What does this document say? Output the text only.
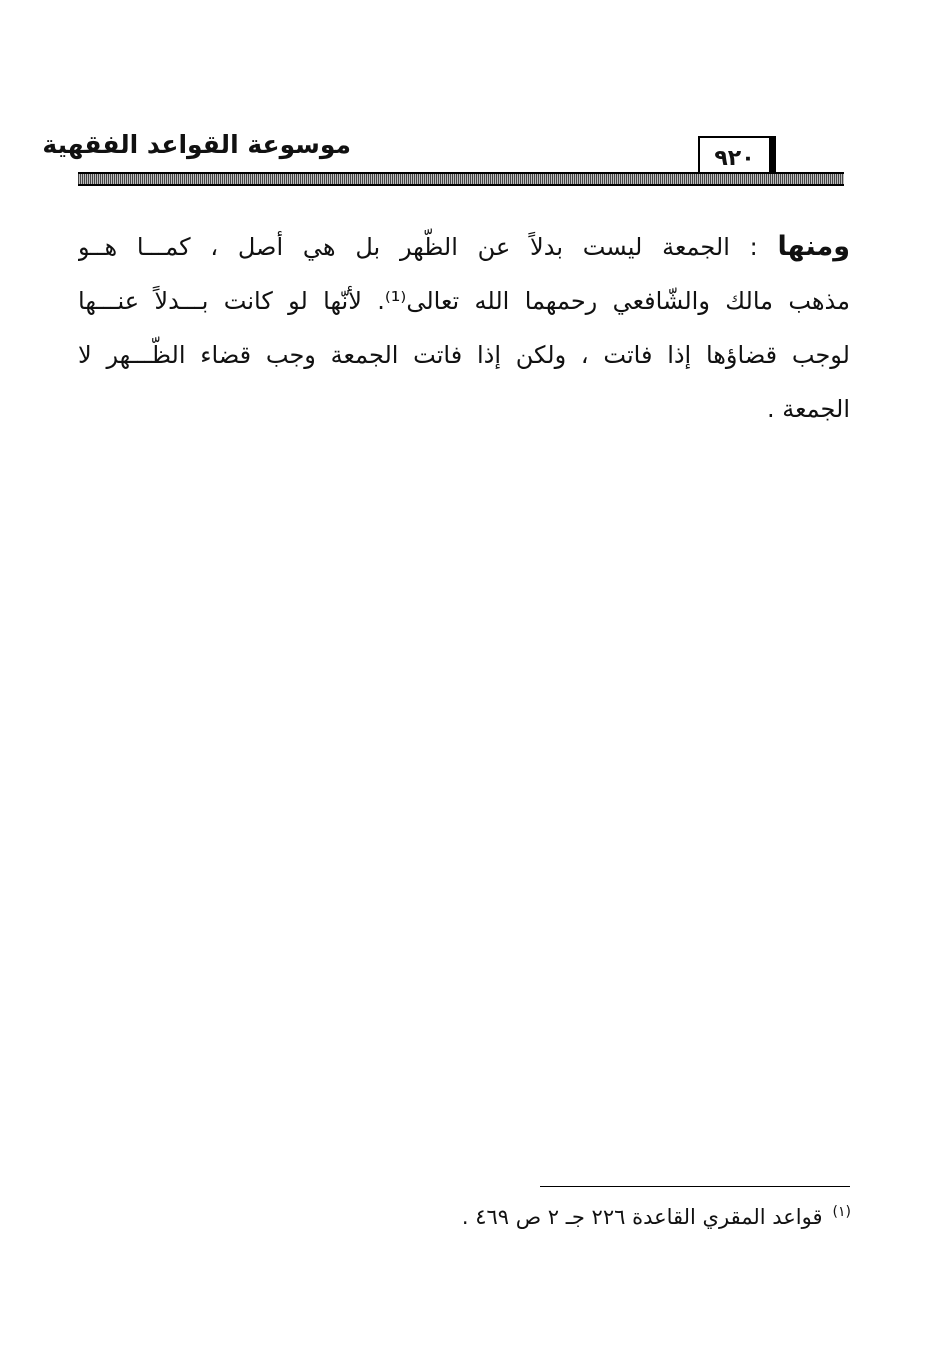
موسوعة القواعد الفقهية	٩٢٠
ومنها : الجمعة ليست بدلاً عن الظّهر بل هي أصل ، كمـــا هــو
مذهب مالك والشّافعي رحمهما الله تعالى⁽¹⁾. لأنّها لو كانت بـــدلاً عنـــها
لوجب قضاؤها إذا فاتت ، ولكن إذا فاتت الجمعة وجب قضاء الظّـــهر لا
الجمعة .
$^{(١)}$قواعد المقري القاعدة ٢٢٦ جـ ٢ ص ٤٦٩ .
